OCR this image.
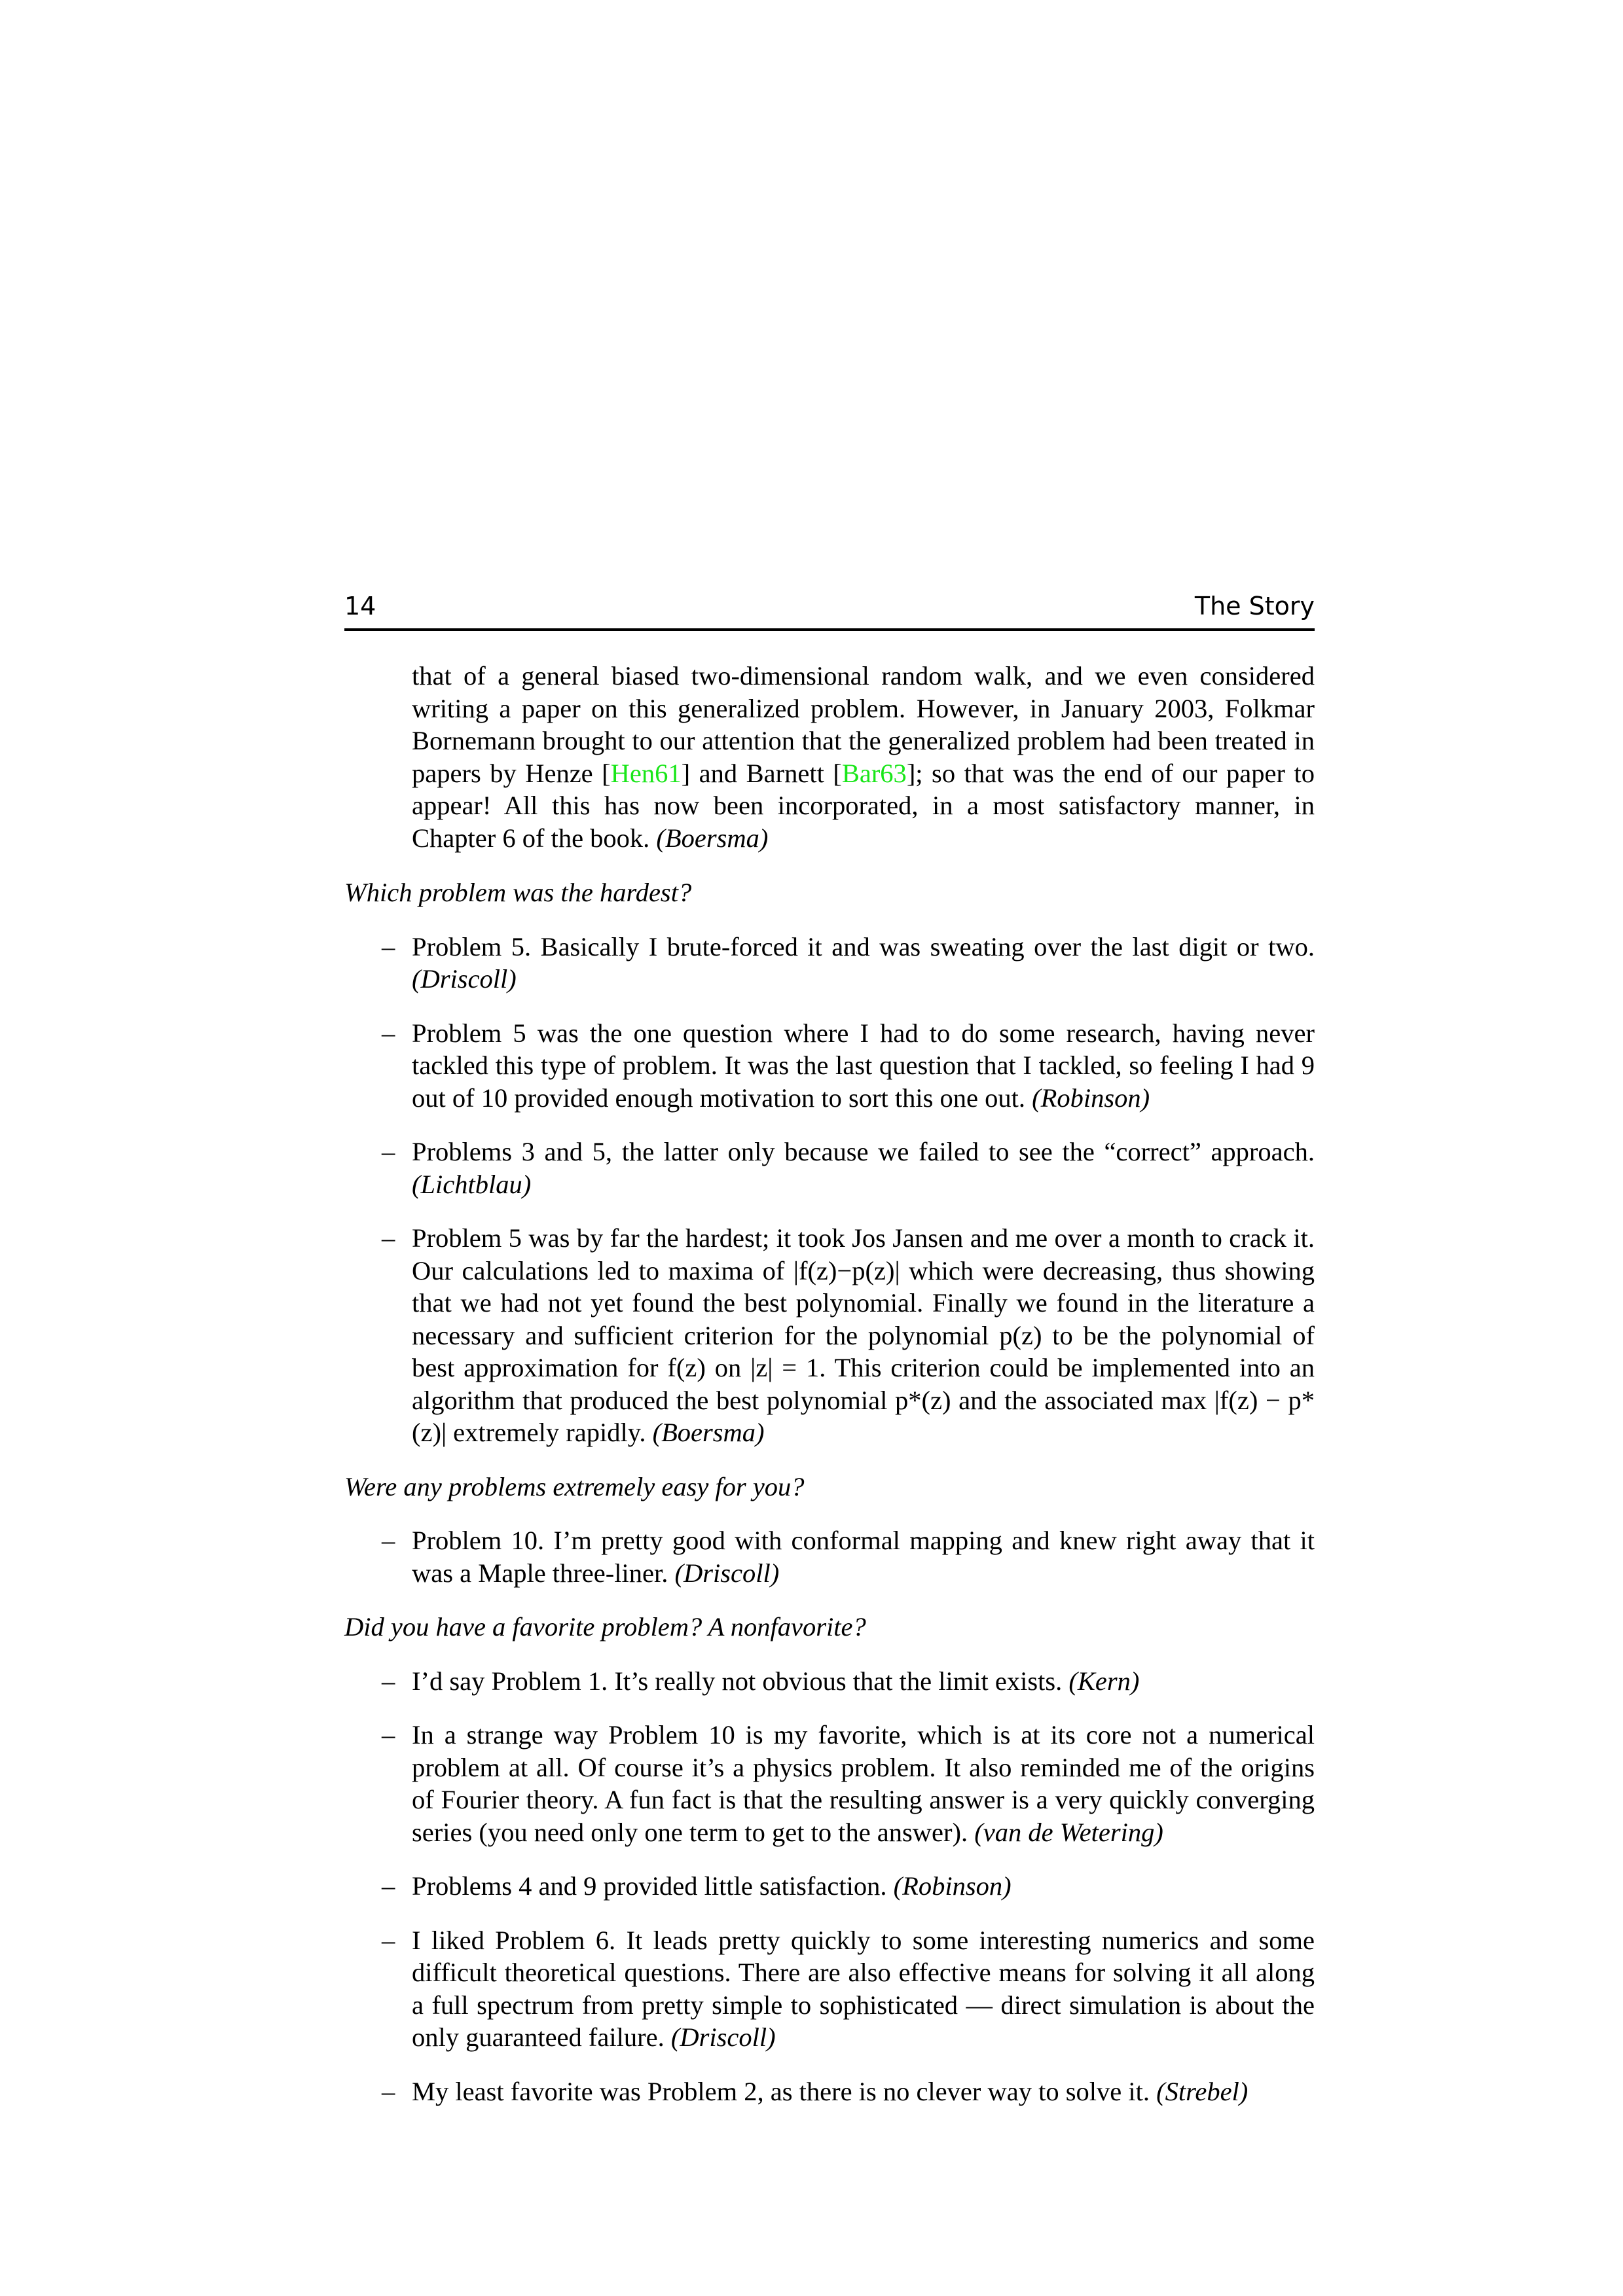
14	The Story

that of a general biased two-dimensional random walk, and we even considered writing a paper on this generalized problem. However, in January 2003, Folkmar Bornemann brought to our attention that the generalized problem had been treated in papers by Henze [Hen61] and Barnett [Bar63]; so that was the end of our paper to appear! All this has now been incorporated, in a most satisfactory manner, in Chapter 6 of the book. (Boersma)

Which problem was the hardest?

– Problem 5. Basically I brute-forced it and was sweating over the last digit or two. (Driscoll)
– Problem 5 was the one question where I had to do some research, having never tackled this type of problem. It was the last question that I tackled, so feeling I had 9 out of 10 provided enough motivation to sort this one out. (Robinson)
– Problems 3 and 5, the latter only because we failed to see the “correct” approach. (Lichtblau)
– Problem 5 was by far the hardest; it took Jos Jansen and me over a month to crack it. Our calculations led to maxima of |f(z)−p(z)| which were decreasing, thus showing that we had not yet found the best polynomial. Finally we found in the literature a necessary and sufficient criterion for the polynomial p(z) to be the polynomial of best approximation for f(z) on |z| = 1. This criterion could be implemented into an algorithm that produced the best polynomial p*(z) and the associated max |f(z) − p*(z)| extremely rapidly. (Boersma)

Were any problems extremely easy for you?

– Problem 10. I’m pretty good with conformal mapping and knew right away that it was a Maple three-liner. (Driscoll)

Did you have a favorite problem? A nonfavorite?

– I’d say Problem 1. It’s really not obvious that the limit exists. (Kern)
– In a strange way Problem 10 is my favorite, which is at its core not a numerical problem at all. Of course it’s a physics problem. It also reminded me of the origins of Fourier theory. A fun fact is that the resulting answer is a very quickly converging series (you need only one term to get to the answer). (van de Wetering)
– Problems 4 and 9 provided little satisfaction. (Robinson)
– I liked Problem 6. It leads pretty quickly to some interesting numerics and some difficult theoretical questions. There are also effective means for solving it all along a full spectrum from pretty simple to sophisticated — direct simulation is about the only guaranteed failure. (Driscoll)
– My least favorite was Problem 2, as there is no clever way to solve it. (Strebel)
